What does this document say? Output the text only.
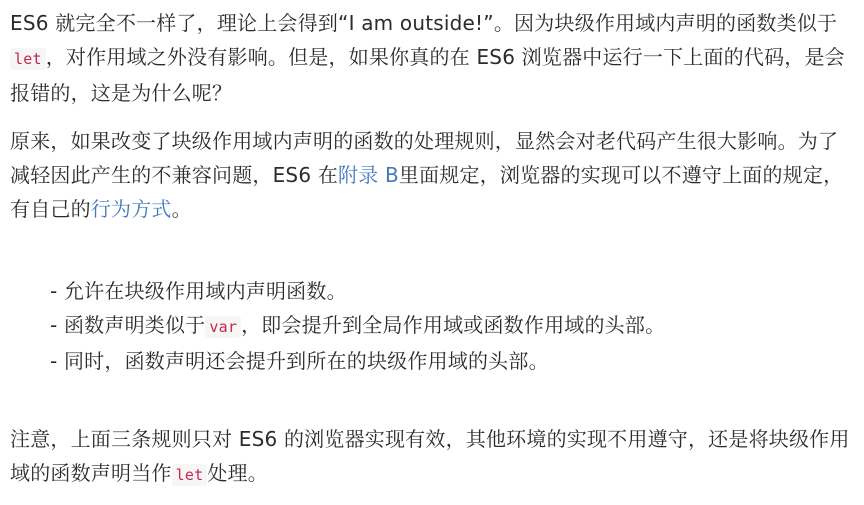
ES6 就完全不一样了，理论上会得到“I am outside!”。因为块级作用域内声明的函数类似于let ，对作用域之外没有影响。但是，如果你真的在 ES6 浏览器中运行一下上面的代码，是会报错的，这是为什么呢？

原来，如果改变了块级作用域内声明的函数的处理规则，显然会对老代码产生很大影响。为了减轻因此产生的不兼容问题，ES6 在附录 B里面规定，浏览器的实现可以不遵守上面的规定，有自己的行为方式。

- 允许在块级作用域内声明函数。
- 函数声明类似于 var ，即会提升到全局作用域或函数作用域的头部。
- 同时，函数声明还会提升到所在的块级作用域的头部。

注意，上面三条规则只对 ES6 的浏览器实现有效，其他环境的实现不用遵守，还是将块级作用域的函数声明当作 let 处理。
